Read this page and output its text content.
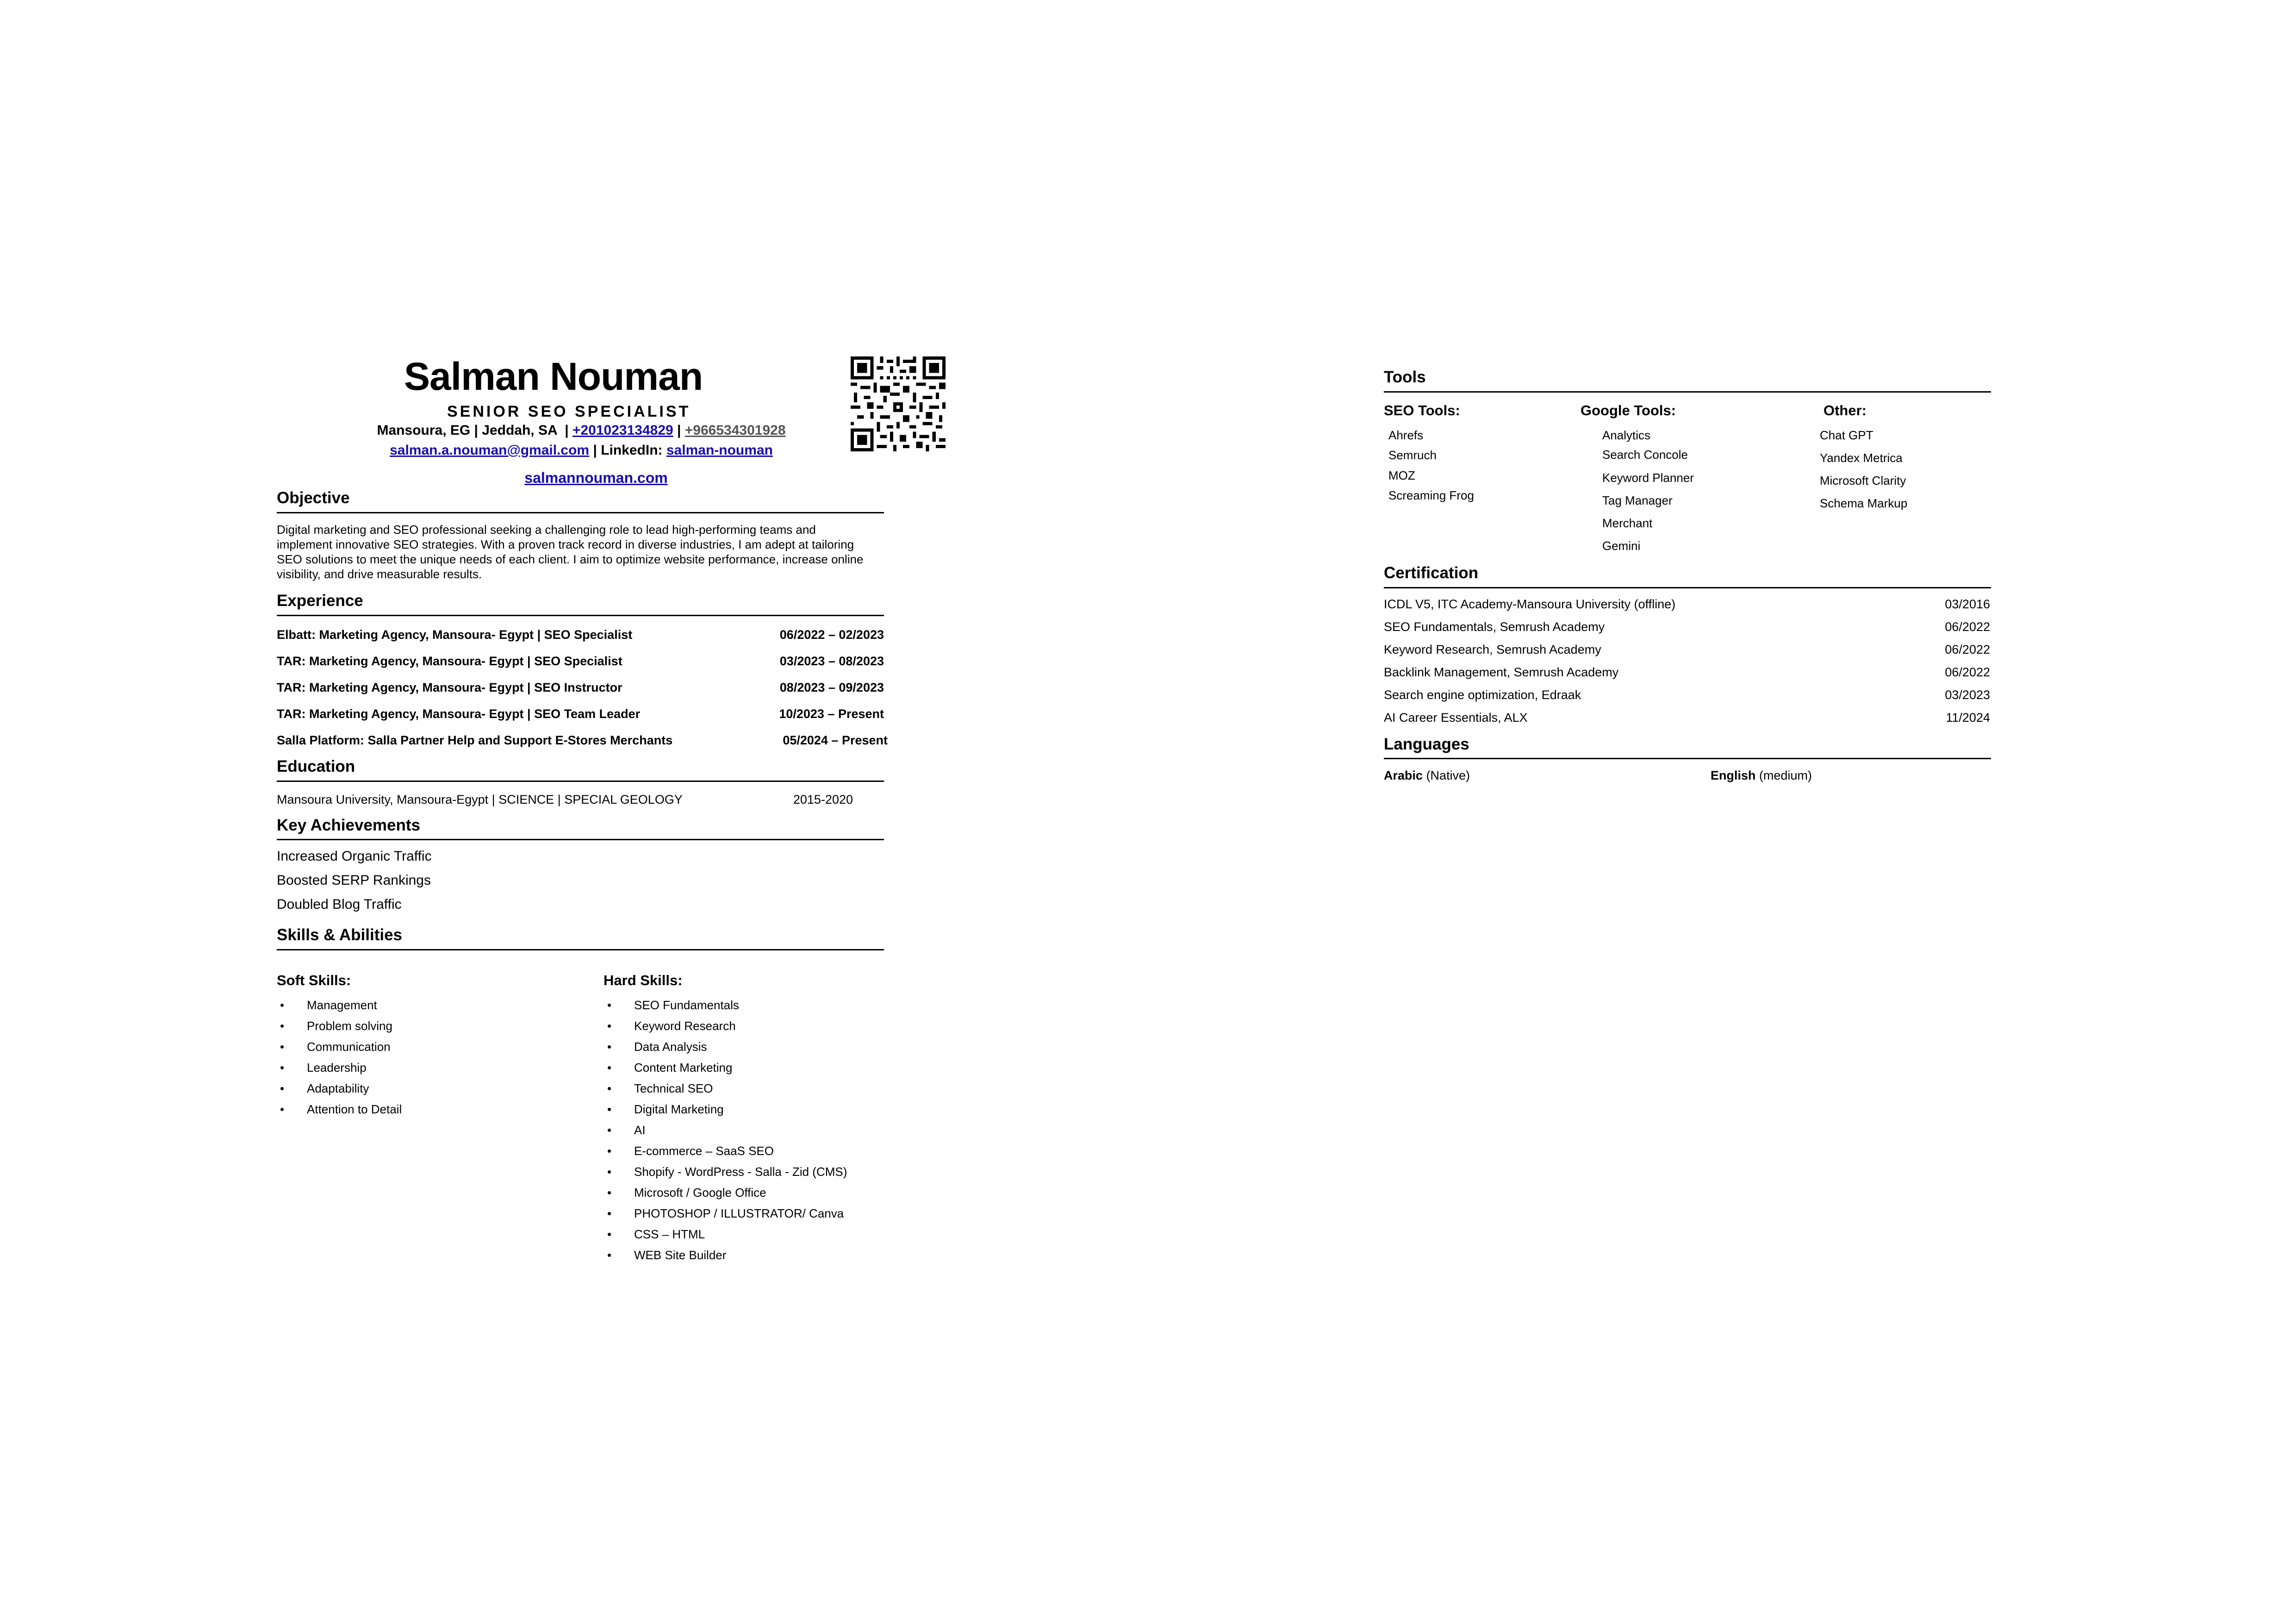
Salman Nouman
SENIOR SEO SPECIALIST
Mansoura, EG | Jeddah, SA  | +201023134829 | +966534301928
salman.a.nouman@gmail.com | LinkedIn: salman-nouman
salmannouman.com
Objective
Digital marketing and SEO professional seeking a challenging role to lead high-performing teams and implement innovative SEO strategies. With a proven track record in diverse industries, I am adept at tailoring SEO solutions to meet the unique needs of each client. I aim to optimize website performance, increase online visibility, and drive measurable results.
Experience
Elbatt: Marketing Agency, Mansoura- Egypt | SEO Specialist	06/2022 – 02/2023
TAR: Marketing Agency, Mansoura- Egypt | SEO Specialist	03/2023 – 08/2023
TAR: Marketing Agency, Mansoura- Egypt | SEO Instructor	08/2023 – 09/2023
TAR: Marketing Agency, Mansoura- Egypt | SEO Team Leader	10/2023 – Present
Salla Platform: Salla Partner Help and Support E-Stores Merchants	05/2024 – Present
Education
Mansoura University, Mansoura-Egypt | SCIENCE | SPECIAL GEOLOGY	2015-2020
Key Achievements
Increased Organic Traffic
Boosted SERP Rankings
Doubled Blog Traffic
Skills & Abilities
Soft Skills:
• Management
• Problem solving
• Communication
• Leadership
• Adaptability
• Attention to Detail
Hard Skills:
• SEO Fundamentals
• Keyword Research
• Data Analysis
• Content Marketing
• Technical SEO
• Digital Marketing
• AI
• E-commerce – SaaS SEO
• Shopify - WordPress - Salla - Zid (CMS)
• Microsoft / Google Office
• PHOTOSHOP / ILLUSTRATOR/ Canva
• CSS – HTML
• WEB Site Builder
Tools
SEO Tools:
Ahrefs
Semruch
MOZ
Screaming Frog
Google Tools:
Analytics
Search Concole
Keyword Planner
Tag Manager
Merchant
Gemini
Other:
Chat GPT
Yandex Metrica
Microsoft Clarity
Schema Markup
Certification
ICDL V5, ITC Academy-Mansoura University (offline)	03/2016
SEO Fundamentals, Semrush Academy	06/2022
Keyword Research, Semrush Academy	06/2022
Backlink Management, Semrush Academy	06/2022
Search engine optimization, Edraak	03/2023
AI Career Essentials, ALX	11/2024
Languages
Arabic (Native)	English (medium)
